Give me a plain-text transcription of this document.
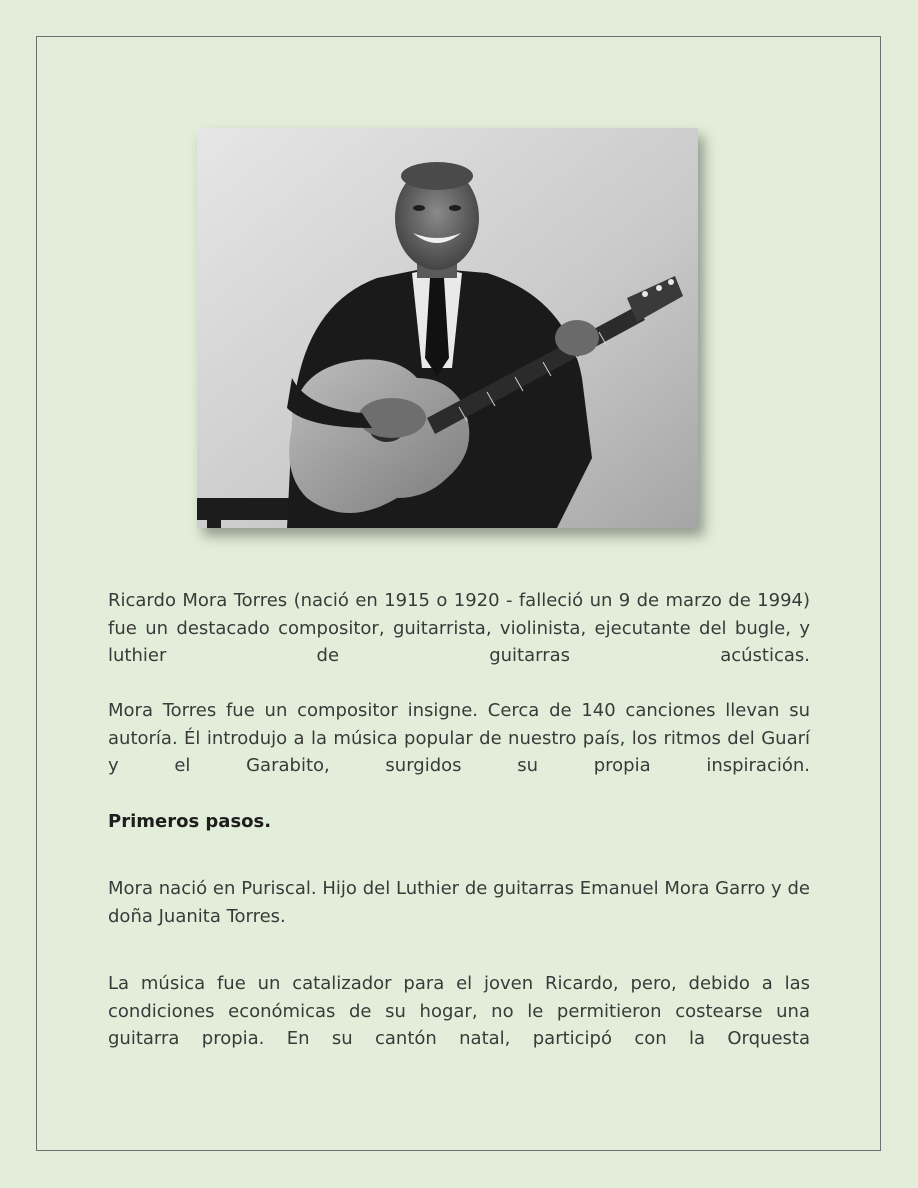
Ricardo Mora Torres (nació en 1915 o 1920 - falleció un 9 de marzo de 1994) fue un destacado compositor, guitarrista, violinista, ejecutante del bugle, y luthier de guitarras acústicas.

Mora Torres fue un compositor insigne. Cerca de 140 canciones llevan su autoría. Él introdujo a la música popular de nuestro país, los ritmos del Guarí y el Garabito, surgidos su propia inspiración.

Primeros pasos.

Mora nació en Puriscal. Hijo del Luthier de guitarras Emanuel Mora Garro y de doña Juanita Torres.

La música fue un catalizador para el joven Ricardo, pero, debido a las condiciones económicas de su hogar, no le permitieron costearse una guitarra propia. En su cantón natal, participó con la Orquesta
